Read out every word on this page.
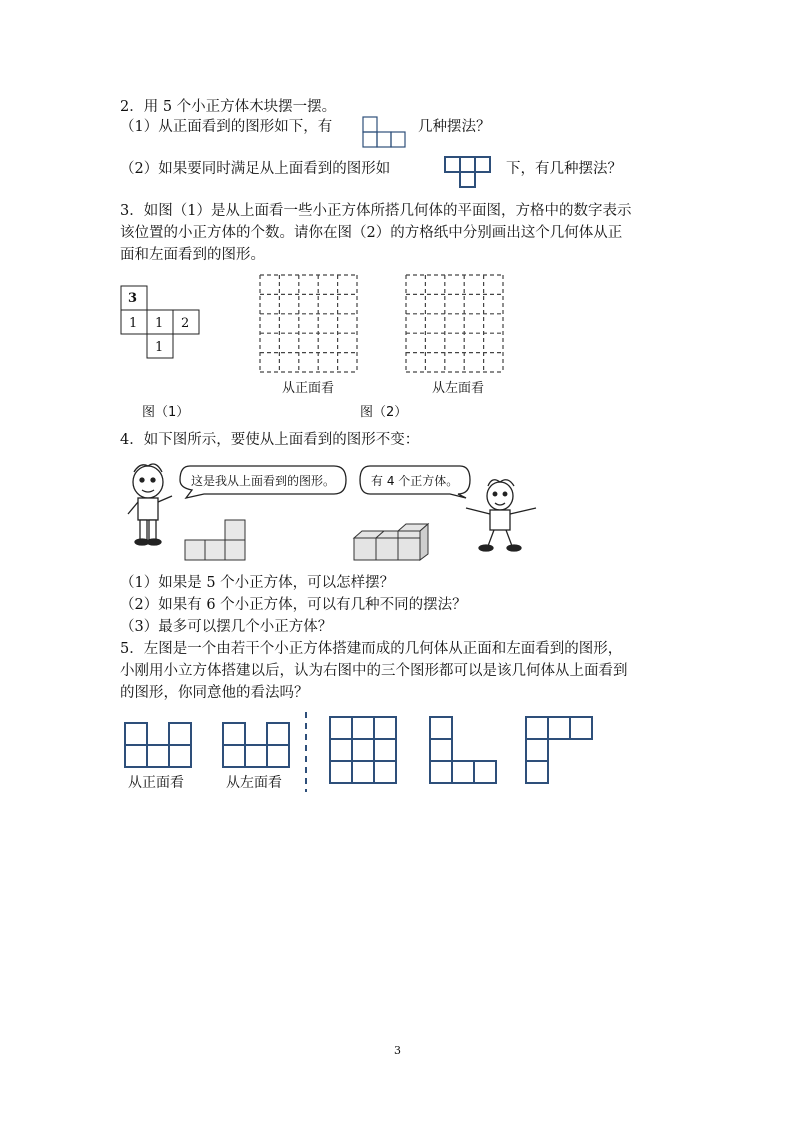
2．用 5 个小正方体木块摆一摆。
（1）从正面看到的图形如下，有	几种摆法？
（2）如果要同时满足从上面看到的图形如	下，有几种摆法？
3．如图（1）是从上面看一些小正方体所搭几何体的平面图，方格中的数字表示
该位置的小正方体的个数。请你在图（2）的方格纸中分别画出这个几何体从正
面和左面看到的图形。
3
1 1 2
1
从正面看	从左面看
图（1）	图（2）
4．如下图所示，要使从上面看到的图形不变：
这是我从上面看到的图形。	有 4 个正方体。
（1）如果是 5 个小正方体，可以怎样摆？
（2）如果有 6 个小正方体，可以有几种不同的摆法？
（3）最多可以摆几个小正方体？
5．左图是一个由若干个小正方体搭建而成的几何体从正面和左面看到的图形，
小刚用小立方体搭建以后，认为右图中的三个图形都可以是该几何体从上面看到
的图形，你同意他的看法吗？
从正面看	从左面看
3
